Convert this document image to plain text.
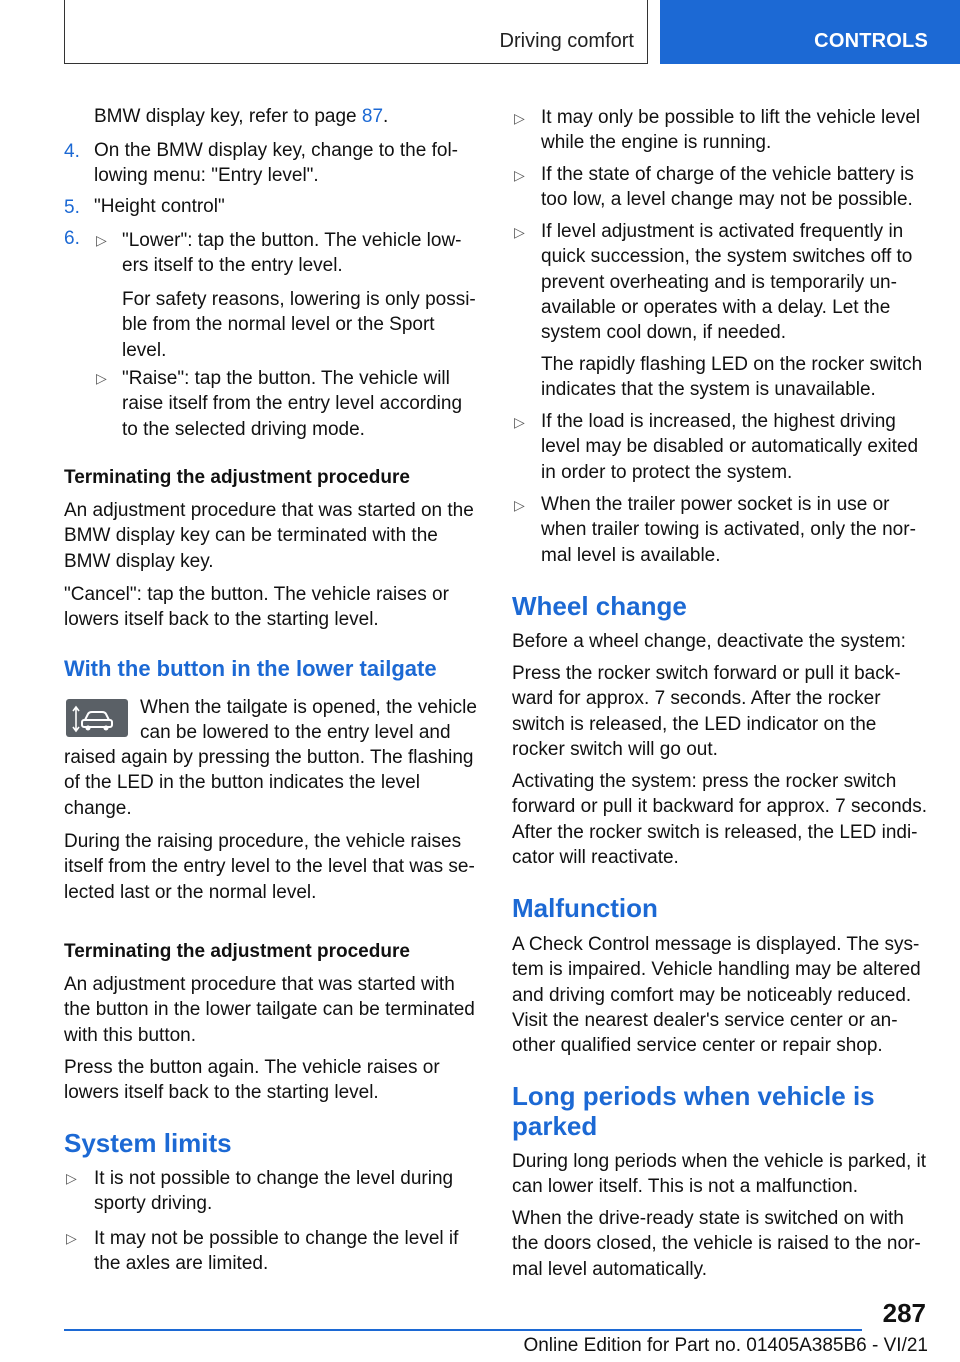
Driving comfort	CONTROLS
BMW display key, refer to page 87.
4. On the BMW display key, change to the fol-
lowing menu: "Entry level".
5. "Height control"
6. ▷ "Lower": tap the button. The vehicle low-
ers itself to the entry level.
For safety reasons, lowering is only possi-
ble from the normal level or the Sport
level.
▷ "Raise": tap the button. The vehicle will
raise itself from the entry level according
to the selected driving mode.
Terminating the adjustment procedure
An adjustment procedure that was started on the
BMW display key can be terminated with the
BMW display key.
"Cancel": tap the button. The vehicle raises or
lowers itself back to the starting level.
With the button in the lower tailgate
When the tailgate is opened, the vehicle
can be lowered to the entry level and
raised again by pressing the button. The flashing
of the LED in the button indicates the level
change.
During the raising procedure, the vehicle raises
itself from the entry level to the level that was se-
lected last or the normal level.
Terminating the adjustment procedure
An adjustment procedure that was started with
the button in the lower tailgate can be terminated
with this button.
Press the button again. The vehicle raises or
lowers itself back to the starting level.
System limits
▷ It is not possible to change the level during
sporty driving.
▷ It may not be possible to change the level if
the axles are limited.
▷ It may only be possible to lift the vehicle level
while the engine is running.
▷ If the state of charge of the vehicle battery is
too low, a level change may not be possible.
▷ If level adjustment is activated frequently in
quick succession, the system switches off to
prevent overheating and is temporarily un-
available or operates with a delay. Let the
system cool down, if needed.
The rapidly flashing LED on the rocker switch
indicates that the system is unavailable.
▷ If the load is increased, the highest driving
level may be disabled or automatically exited
in order to protect the system.
▷ When the trailer power socket is in use or
when trailer towing is activated, only the nor-
mal level is available.
Wheel change
Before a wheel change, deactivate the system:
Press the rocker switch forward or pull it back-
ward for approx. 7 seconds. After the rocker
switch is released, the LED indicator on the
rocker switch will go out.
Activating the system: press the rocker switch
forward or pull it backward for approx. 7 seconds.
After the rocker switch is released, the LED indi-
cator will reactivate.
Malfunction
A Check Control message is displayed. The sys-
tem is impaired. Vehicle handling may be altered
and driving comfort may be noticeably reduced.
Visit the nearest dealer's service center or an-
other qualified service center or repair shop.
Long periods when vehicle is
parked
During long periods when the vehicle is parked, it
can lower itself. This is not a malfunction.
When the drive-ready state is switched on with
the doors closed, the vehicle is raised to the nor-
mal level automatically.
287
Online Edition for Part no. 01405A385B6 - VI/21
